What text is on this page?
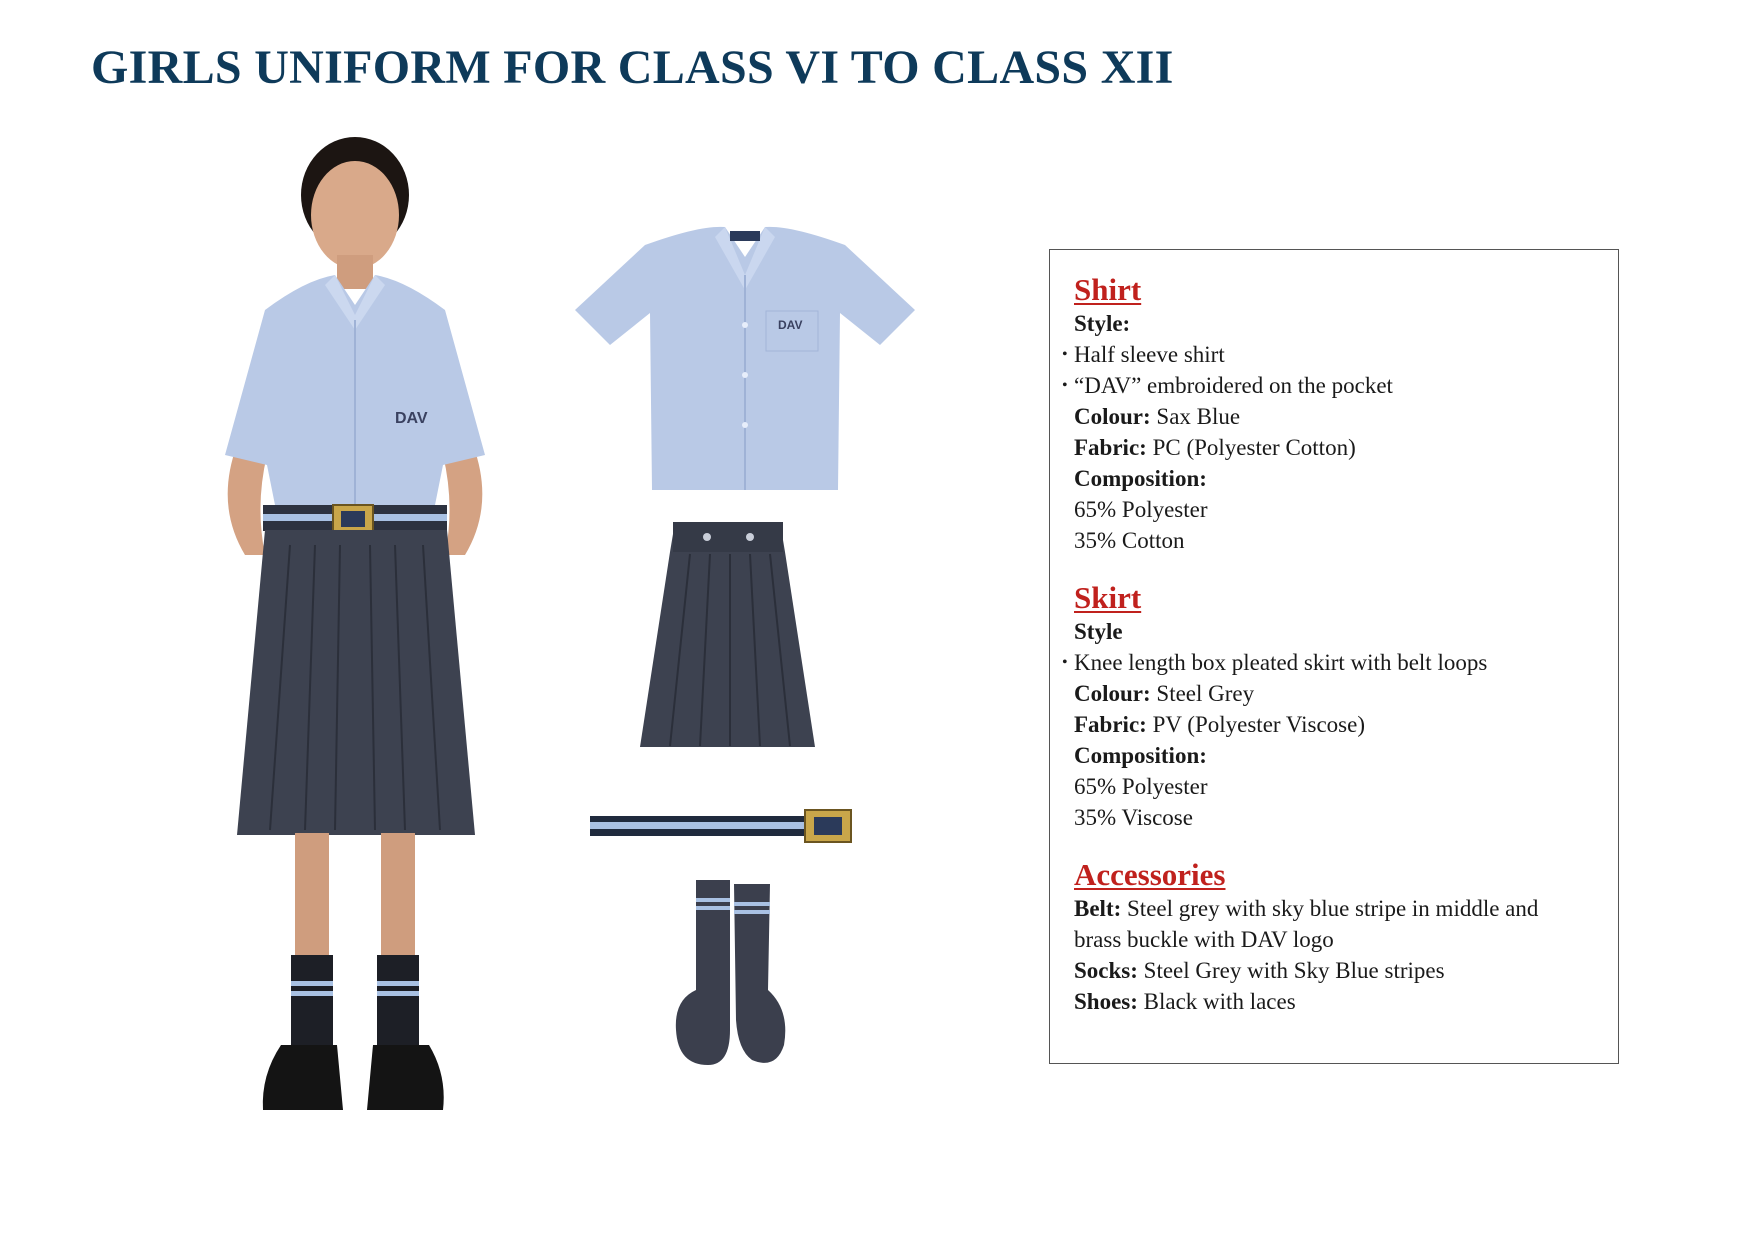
GIRLS UNIFORM FOR CLASS VI TO CLASS XII
DAV
DAV
Shirt
Style:
• Half sleeve shirt
• “DAV” embroidered on the pocket
Colour: Sax Blue
Fabric: PC (Polyester Cotton)
Composition:
65% Polyester
35% Cotton
Skirt
Style
• Knee length box pleated skirt with belt loops
Colour: Steel Grey
Fabric: PV (Polyester Viscose)
Composition:
65% Polyester
35% Viscose
Accessories
Belt: Steel grey with sky blue stripe in middle and
brass buckle with DAV logo
Socks: Steel Grey with Sky Blue stripes
Shoes: Black with laces
